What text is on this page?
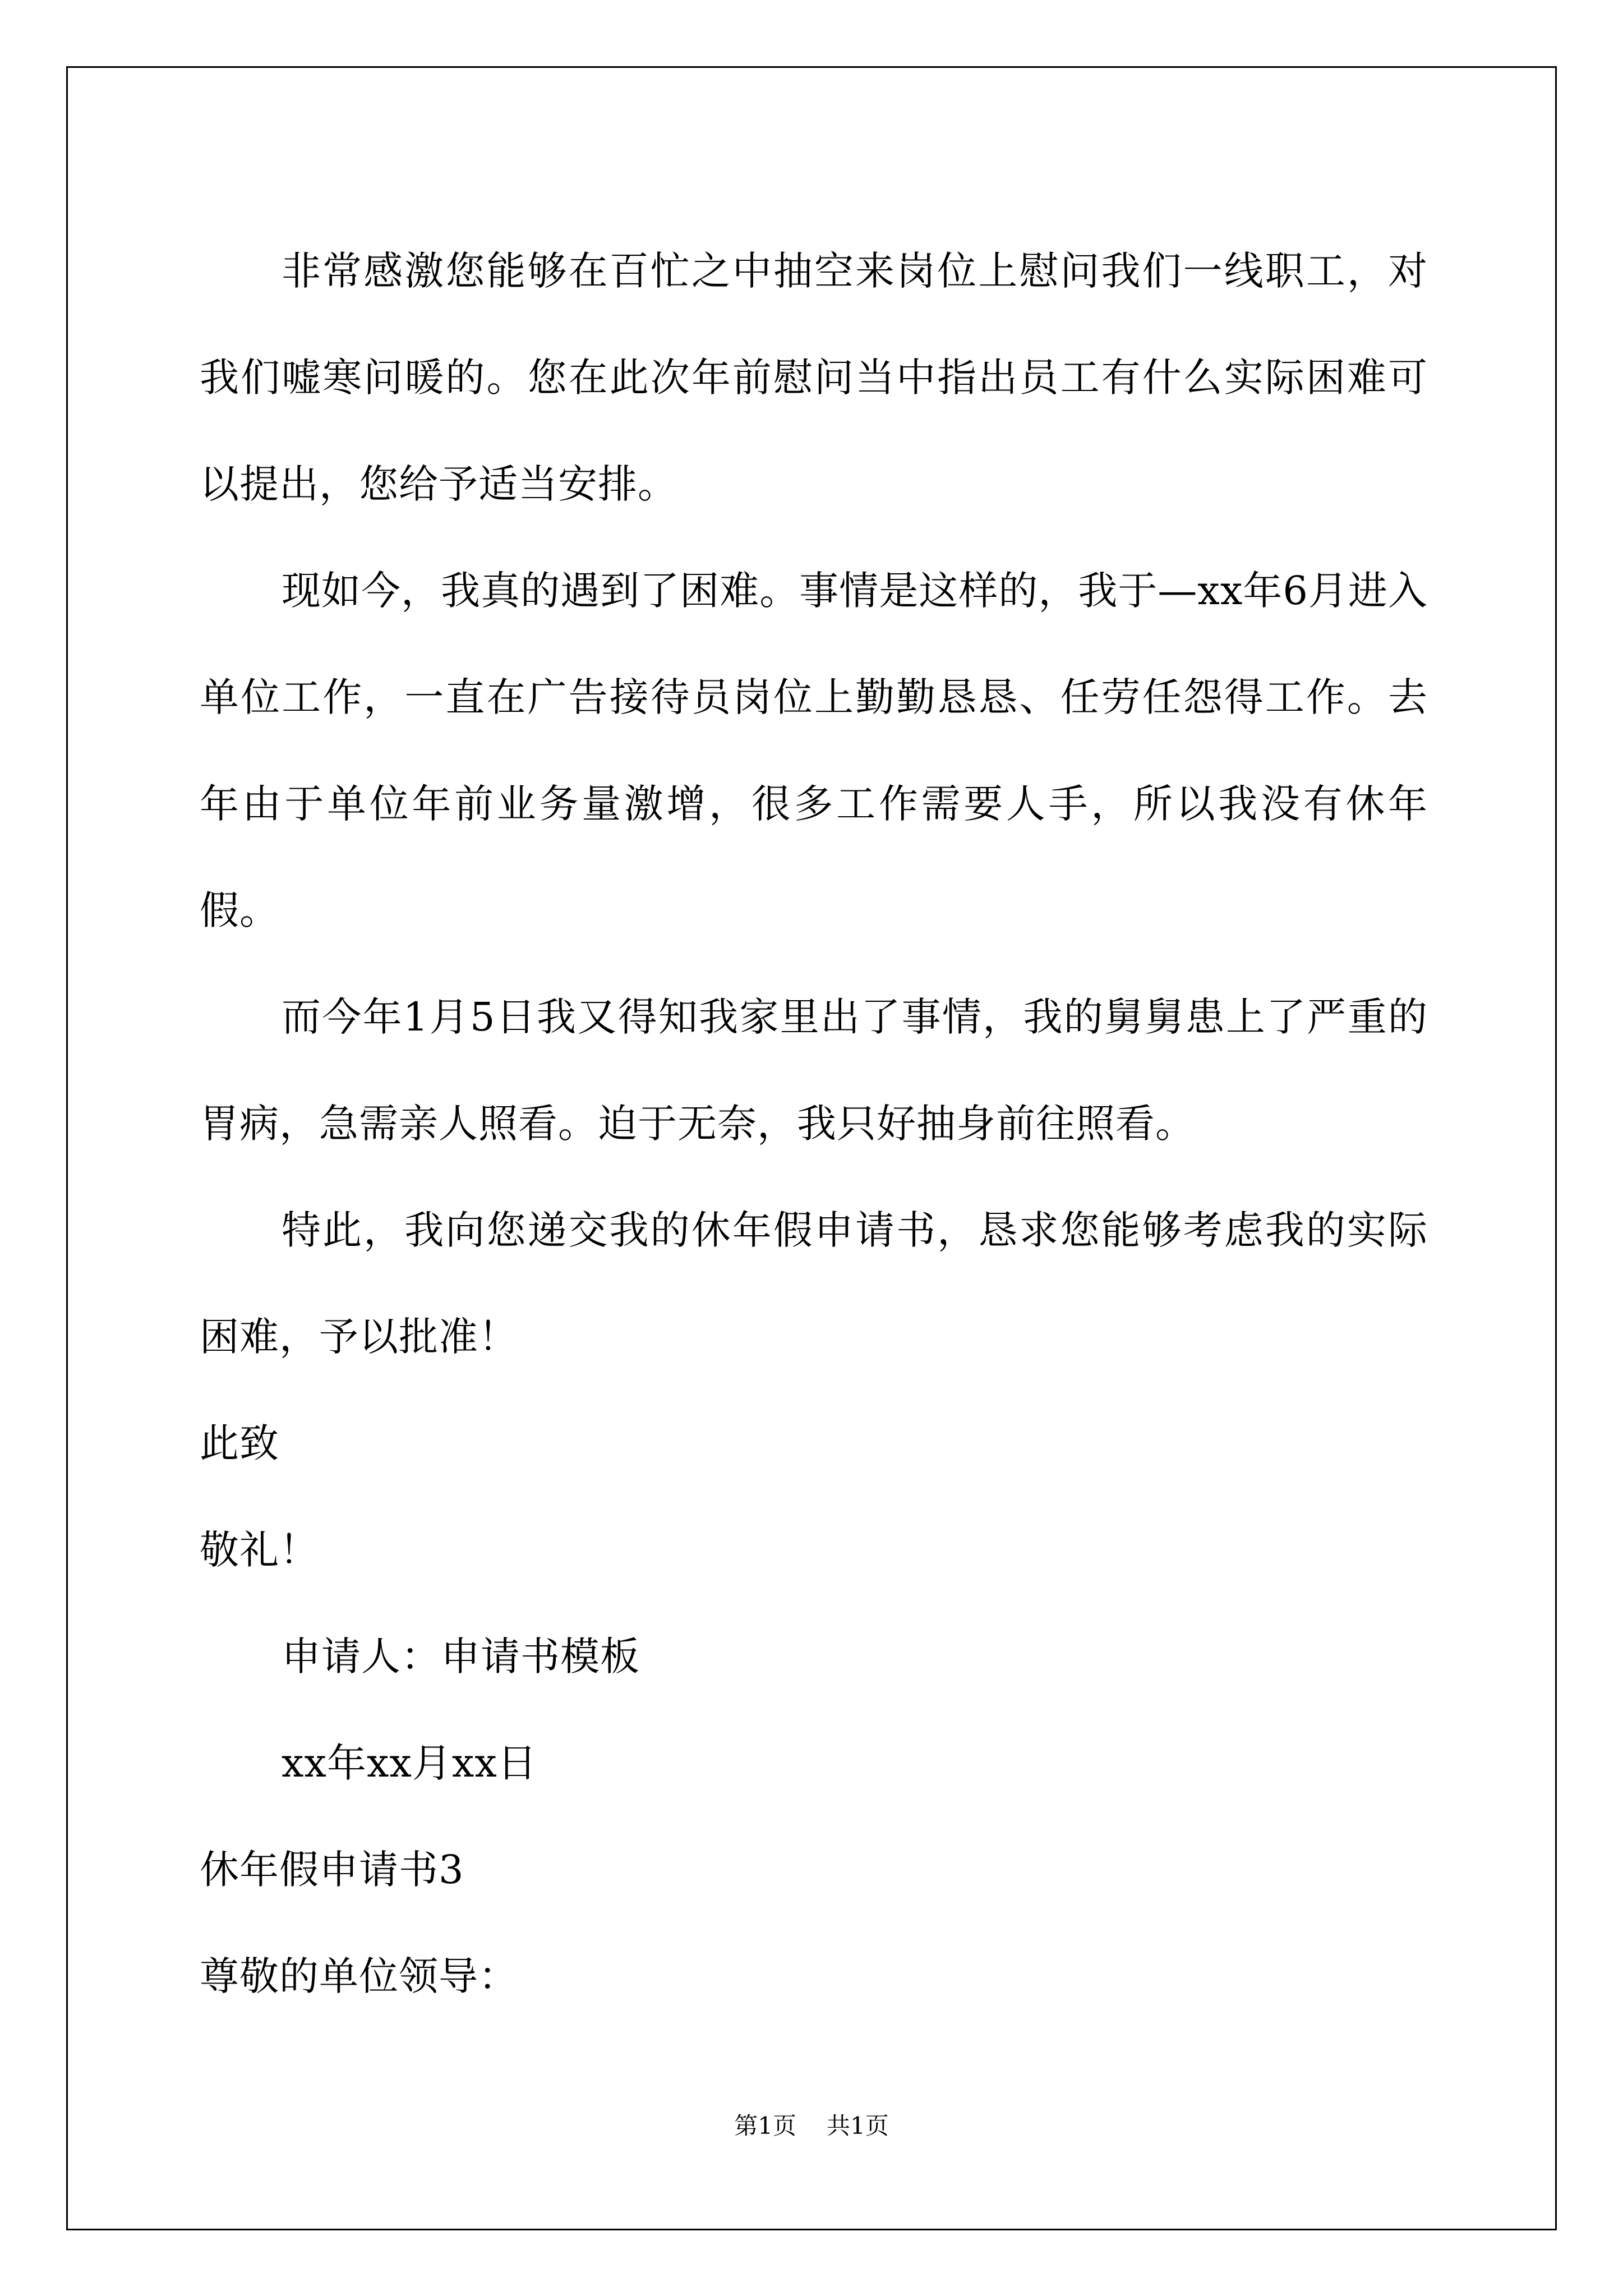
非常感激您能够在百忙之中抽空来岗位上慰问我们一线职工，对我们嘘寒问暖的。您在此次年前慰问当中指出员工有什么实际困难可以提出，您给予适当安排。

现如今，我真的遇到了困难。事情是这样的，我于—xx年6月进入单位工作，一直在广告接待员岗位上勤勤恳恳、任劳任怨得工作。去年由于单位年前业务量激增，很多工作需要人手，所以我没有休年假。

而今年1月5日我又得知我家里出了事情，我的舅舅患上了严重的胃病，急需亲人照看。迫于无奈，我只好抽身前往照看。

特此，我向您递交我的休年假申请书，恳求您能够考虑我的实际困难，予以批准！

此致

敬礼！

申请人：申请书模板

xx年xx月xx日

休年假申请书3

尊敬的单位领导：

第1页 共1页
